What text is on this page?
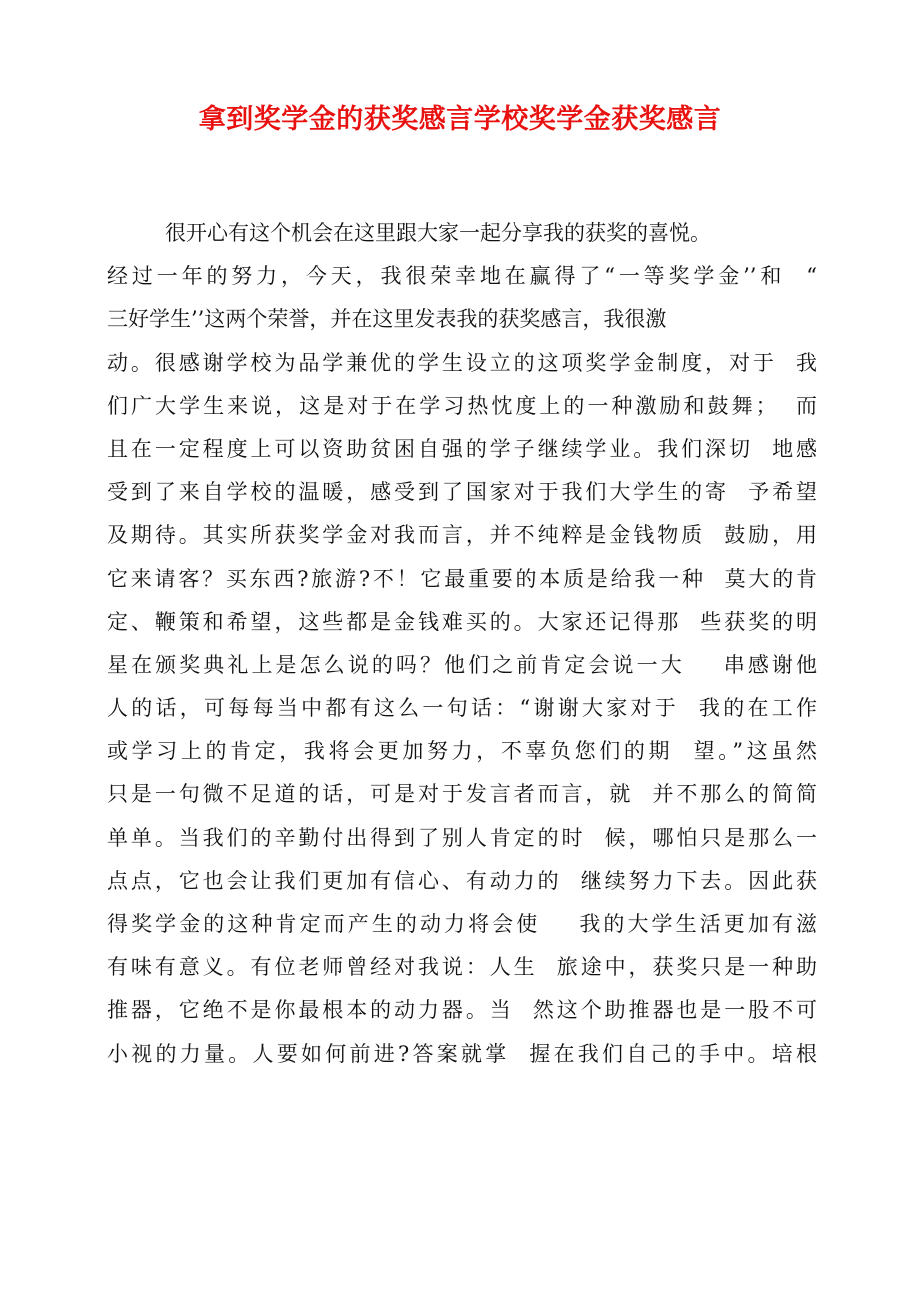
拿到奖学金的获奖感言学校奖学金获奖感言
很开心有这个机会在这里跟大家一起分享我的获奖的喜悦。
经过一年的努力，今天，我很荣幸地在赢得了“一等奖学金’’和  “
三好学生’’这两个荣誉，并在这里发表我的获奖感言，我很激
动。很感谢学校为品学兼优的学生设立的这项奖学金制度，对于  我
们广大学生来说，这是对于在学习热忱度上的一种激励和鼓舞；  而
且在一定程度上可以资助贫困自强的学子继续学业。我们深切  地感
受到了来自学校的温暖，感受到了国家对于我们大学生的寄  予希望
及期待。其实所获奖学金对我而言，并不纯粹是金钱物质  鼓励，用
它来请客？买东西?旅游?不！它最重要的本质是给我一种  莫大的肯
定、鞭策和希望，这些都是金钱难买的。大家还记得那  些获奖的明
星在颁奖典礼上是怎么说的吗？他们之前肯定会说一大    串感谢他
人的话，可每每当中都有这么一句话：“谢谢大家对于  我的在工作
或学习上的肯定，我将会更加努力，不辜负您们的期  望。”这虽然
只是一句微不足道的话，可是对于发言者而言，就  并不那么的简简
单单。当我们的辛勤付出得到了别人肯定的时  候，哪怕只是那么一
点点，它也会让我们更加有信心、有动力的  继续努力下去。因此获
得奖学金的这种肯定而产生的动力将会使    我的大学生活更加有滋
有味有意义。有位老师曾经对我说：人生  旅途中，获奖只是一种助
推器，它绝不是你最根本的动力器。当  然这个助推器也是一股不可
小视的力量。人要如何前进?答案就掌  握在我们自己的手中。培根
